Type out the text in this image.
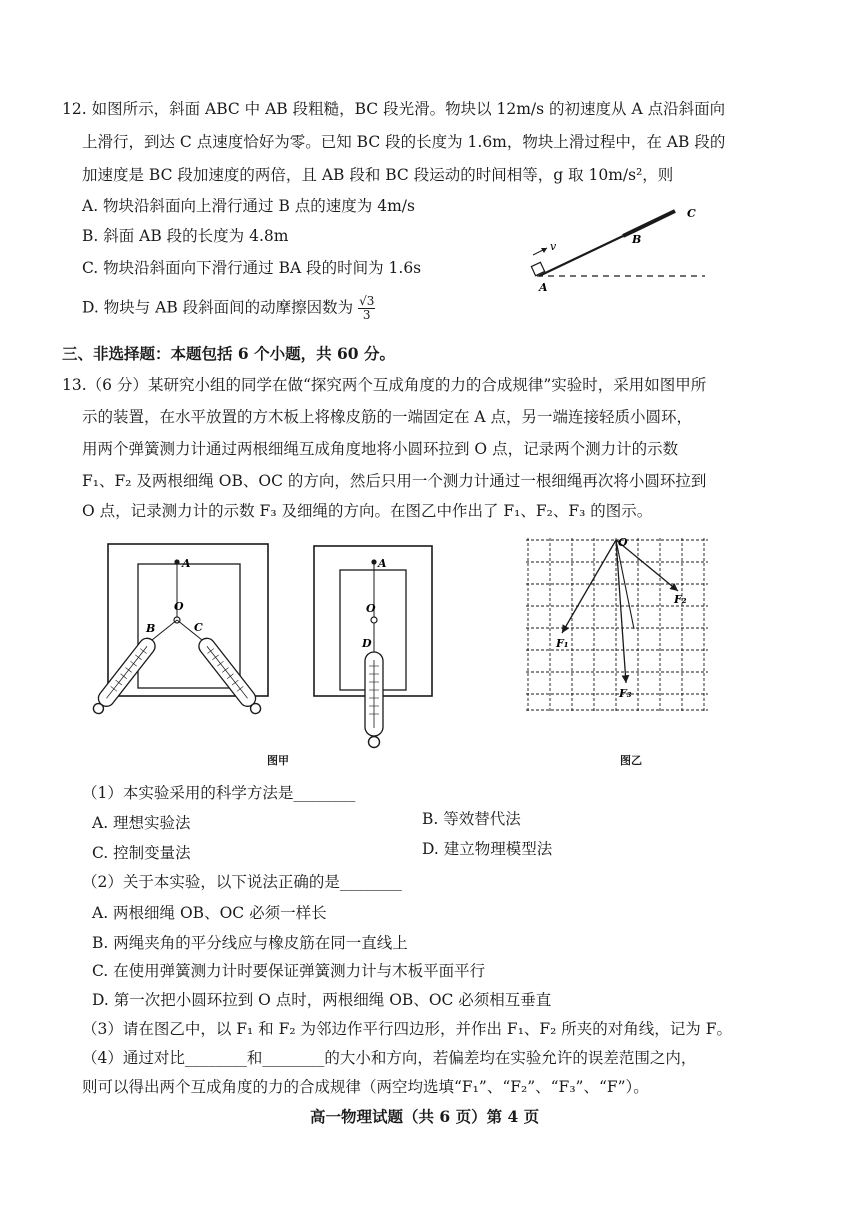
12. 如图所示，斜面 ABC 中 AB 段粗糙，BC 段光滑。物块以 12m/s 的初速度从 A 点沿斜面向
上滑行，到达 C 点速度恰好为零。已知 BC 段的长度为 1.6m，物块上滑过程中，在 AB 段的
加速度是 BC 段加速度的两倍，且 AB 段和 BC 段运动的时间相等，g 取 10m/s²，则
A. 物块沿斜面向上滑行通过 B 点的速度为 4m/s
B. 斜面 AB 段的长度为 4.8m
C. 物块沿斜面向下滑行通过 BA 段的时间为 1.6s
D. 物块与 AB 段斜面间的动摩擦因数为 $\frac{√3}{3}$
v
A
B
C
三、非选择题：本题包括 6 个小题，共 60 分。
13.（6 分）某研究小组的同学在做“探究两个互成角度的力的合成规律”实验时，采用如图甲所
示的装置，在水平放置的方木板上将橡皮筋的一端固定在 A 点，另一端连接轻质小圆环，
用两个弹簧测力计通过两根细绳互成角度地将小圆环拉到 O 点，记录两个测力计的示数
F₁、F₂ 及两根细绳 OB、OC 的方向，然后只用一个测力计通过一根细绳再次将小圆环拉到
O 点，记录测力计的示数 F₃ 及细绳的方向。在图乙中作出了 F₁、F₂、F₃ 的图示。
A
O
B	C
A
O
D
图甲
O
F₁
F₂
F₃
图乙
（1）本实验采用的科学方法是________
A. 理想实验法	B. 等效替代法
C. 控制变量法	D. 建立物理模型法
（2）关于本实验，以下说法正确的是________
A. 两根细绳 OB、OC 必须一样长
B. 两绳夹角的平分线应与橡皮筋在同一直线上
C. 在使用弹簧测力计时要保证弹簧测力计与木板平面平行
D. 第一次把小圆环拉到 O 点时，两根细绳 OB、OC 必须相互垂直
（3）请在图乙中，以 F₁ 和 F₂ 为邻边作平行四边形，并作出 F₁、F₂ 所夹的对角线，记为 F。
（4）通过对比________和________的大小和方向，若偏差均在实验允许的误差范围之内，
则可以得出两个互成角度的力的合成规律（两空均选填“F₁”、“F₂”、“F₃”、“F”）。
高一物理试题（共 6 页）第 4 页
